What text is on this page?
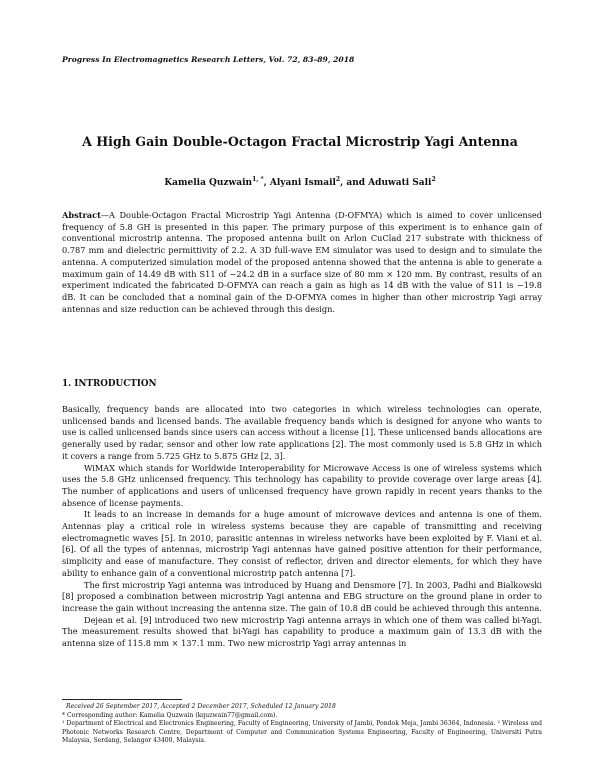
Progress In Electromagnetics Research Letters, Vol. 72, 83–89, 2018
A High Gain Double-Octagon Fractal Microstrip Yagi Antenna
Kamelia Quzwain$^{1, *}$, Alyani Ismail$^2$, and Aduwati Sali$^2$
Abstract—A Double-Octagon Fractal Microstrip Yagi Antenna (D-OFMYA) which is aimed to cover unlicensed frequency of 5.8 GH is presented in this paper. The primary purpose of this experiment is to enhance gain of conventional microstrip antenna. The proposed antenna built on Arlon CuClad 217 substrate with thickness of 0.787 mm and dielectric permittivity of 2.2. A 3D full-wave EM simulator was used to design and to simulate the antenna. A computerized simulation model of the proposed antenna showed that the antenna is able to generate a maximum gain of 14.49 dB with S11 of −24.2 dB in a surface size of 80 mm × 120 mm. By contrast, results of an experiment indicated the fabricated D-OFMYA can reach a gain as high as 14 dB with the value of S11 is −19.8 dB. It can be concluded that a nominal gain of the D-OFMYA comes in higher than other microstrip Yagi array antennas and size reduction can be achieved through this design.
1. INTRODUCTION

Basically, frequency bands are allocated into two categories in which wireless technologies can operate, unlicensed bands and licensed bands. The available frequency bands which is designed for anyone who wants to use is called unlicensed bands since users can access without a license [1]. These unlicensed bands allocations are generally used by radar, sensor and other low rate applications [2]. The most commonly used is 5.8 GHz in which it covers a range from 5.725 GHz to 5.875 GHz [2, 3].

WiMAX which stands for Worldwide Interoperability for Microwave Access is one of wireless systems which uses the 5.8 GHz unlicensed frequency. This technology has capability to provide coverage over large areas [4]. The number of applications and users of unlicensed frequency have grown rapidly in recent years thanks to the absence of license payments.

It leads to an increase in demands for a huge amount of microwave devices and antenna is one of them. Antennas play a critical role in wireless systems because they are capable of transmitting and receiving electromagnetic waves [5]. In 2010, parasitic antennas in wireless networks have been exploited by F. Viani et al. [6]. Of all the types of antennas, microstrip Yagi antennas have gained positive attention for their performance, simplicity and ease of manufacture. They consist of reflector, driven and director elements, for which they have ability to enhance gain of a conventional microstrip patch antenna [7].

The first microstrip Yagi antenna was introduced by Huang and Densmore [7]. In 2003, Padhi and Bialkowski [8] proposed a combination between microstrip Yagi antenna and EBG structure on the ground plane in order to increase the gain without increasing the antenna size. The gain of 10.8 dB could be achieved through this antenna.

Dejean et al. [9] introduced two new microstrip Yagi antenna arrays in which one of them was called bi-Yagi. The measurement results showed that bi-Yagi has capability to produce a maximum gain of 13.3 dB with the antenna size of 115.8 mm × 137.1 mm. Two new microstrip Yagi array antennas in

Received 26 September 2017, Accepted 2 December 2017, Scheduled 12 January 2018
* Corresponding author: Kamelia Quzwain (kquzwain77@gmail.com).
¹ Department of Electrical and Electronics Engineering, Faculty of Engineering, University of Jambi, Pondok Meja, Jambi 36364, Indonesia. ² Wireless and Photonic Networks Research Centre, Department of Computer and Communication Systems Engineering, Faculty of Engineering, Universiti Putra Malaysia, Serdang, Selangor 43400, Malaysia.
